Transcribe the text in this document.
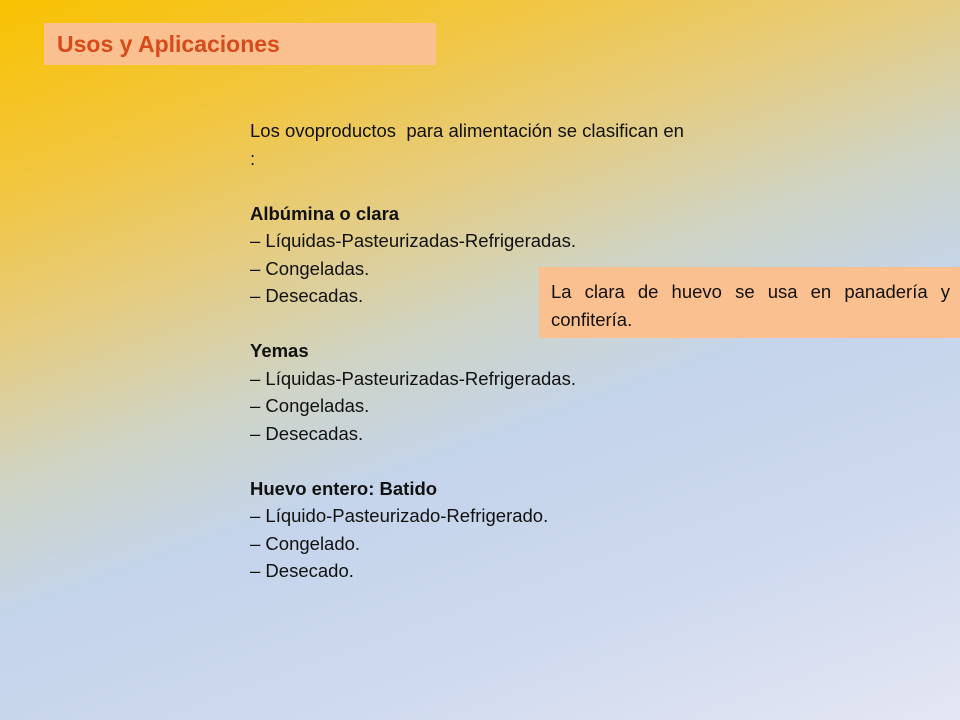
Usos y Aplicaciones
Los ovoproductos  para alimentación se clasifican en
:
Albúmina o clara
– Líquidas-Pasteurizadas-Refrigeradas.
– Congeladas.
– Desecadas.
Yemas
– Líquidas-Pasteurizadas-Refrigeradas.
– Congeladas.
– Desecadas.
Huevo entero: Batido
– Líquido-Pasteurizado-Refrigerado.
– Congelado.
– Desecado.
La clara de huevo se usa en panadería y confitería.
